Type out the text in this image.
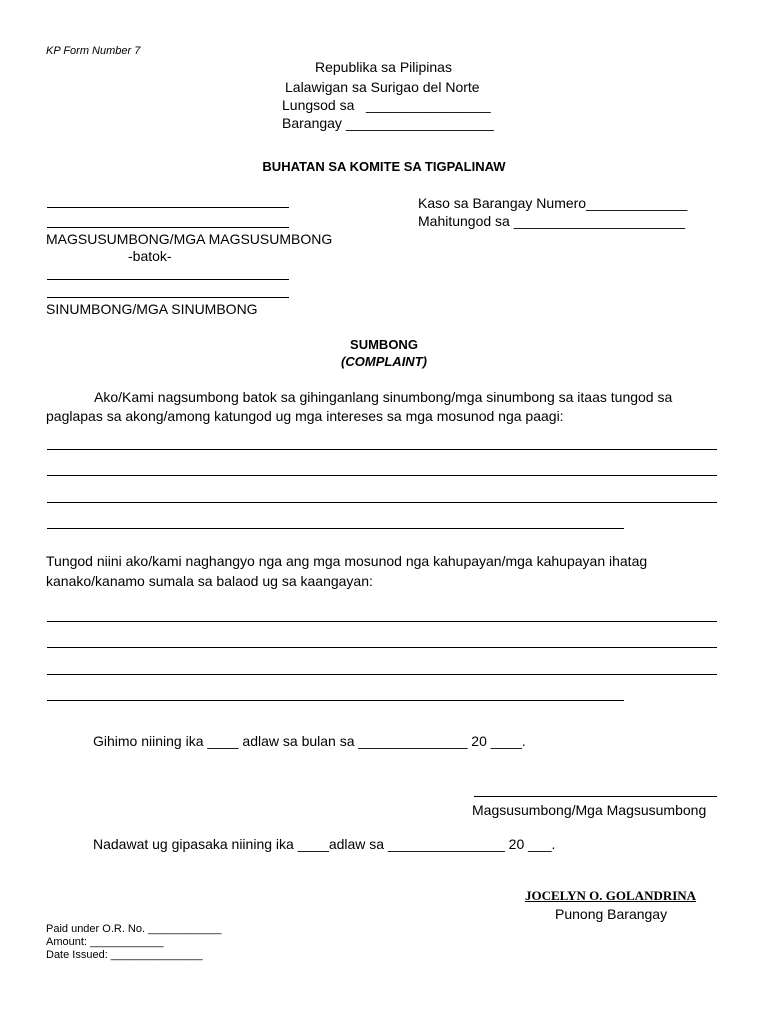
KP Form Number 7
Republika sa Pilipinas
Lalawigan sa Surigao del Norte
Lungsod sa   ________________
Barangay ___________________
BUHATAN SA KOMITE SA TIGPALINAW
MAGSUSUMBONG/MGA MAGSUSUMBONG
-batok-
SINUMBONG/MGA SINUMBONG
Kaso sa Barangay Numero_____________
Mahitungod sa ______________________
SUMBONG
(COMPLAINT)
Ako/Kami nagsumbong batok sa gihinganlang sinumbong/mga sinumbong sa itaas tungod sa
paglapas sa akong/among katungod ug mga intereses sa mga mosunod nga paagi:
Tungod niini ako/kami naghangyo nga ang mga mosunod nga kahupayan/mga kahupayan ihatag
kanako/kanamo sumala sa balaod ug sa kaangayan:
Gihimo niining ika ____ adlaw sa bulan sa ______________ 20 ____.
Magsusumbong/Mga Magsusumbong
Nadawat ug gipasaka niining ika ____adlaw sa _______________ 20 ___.
JOCELYN O. GOLANDRINA
Punong Barangay
Paid under O.R. No. ____________
Amount: ____________
Date Issued: _______________
